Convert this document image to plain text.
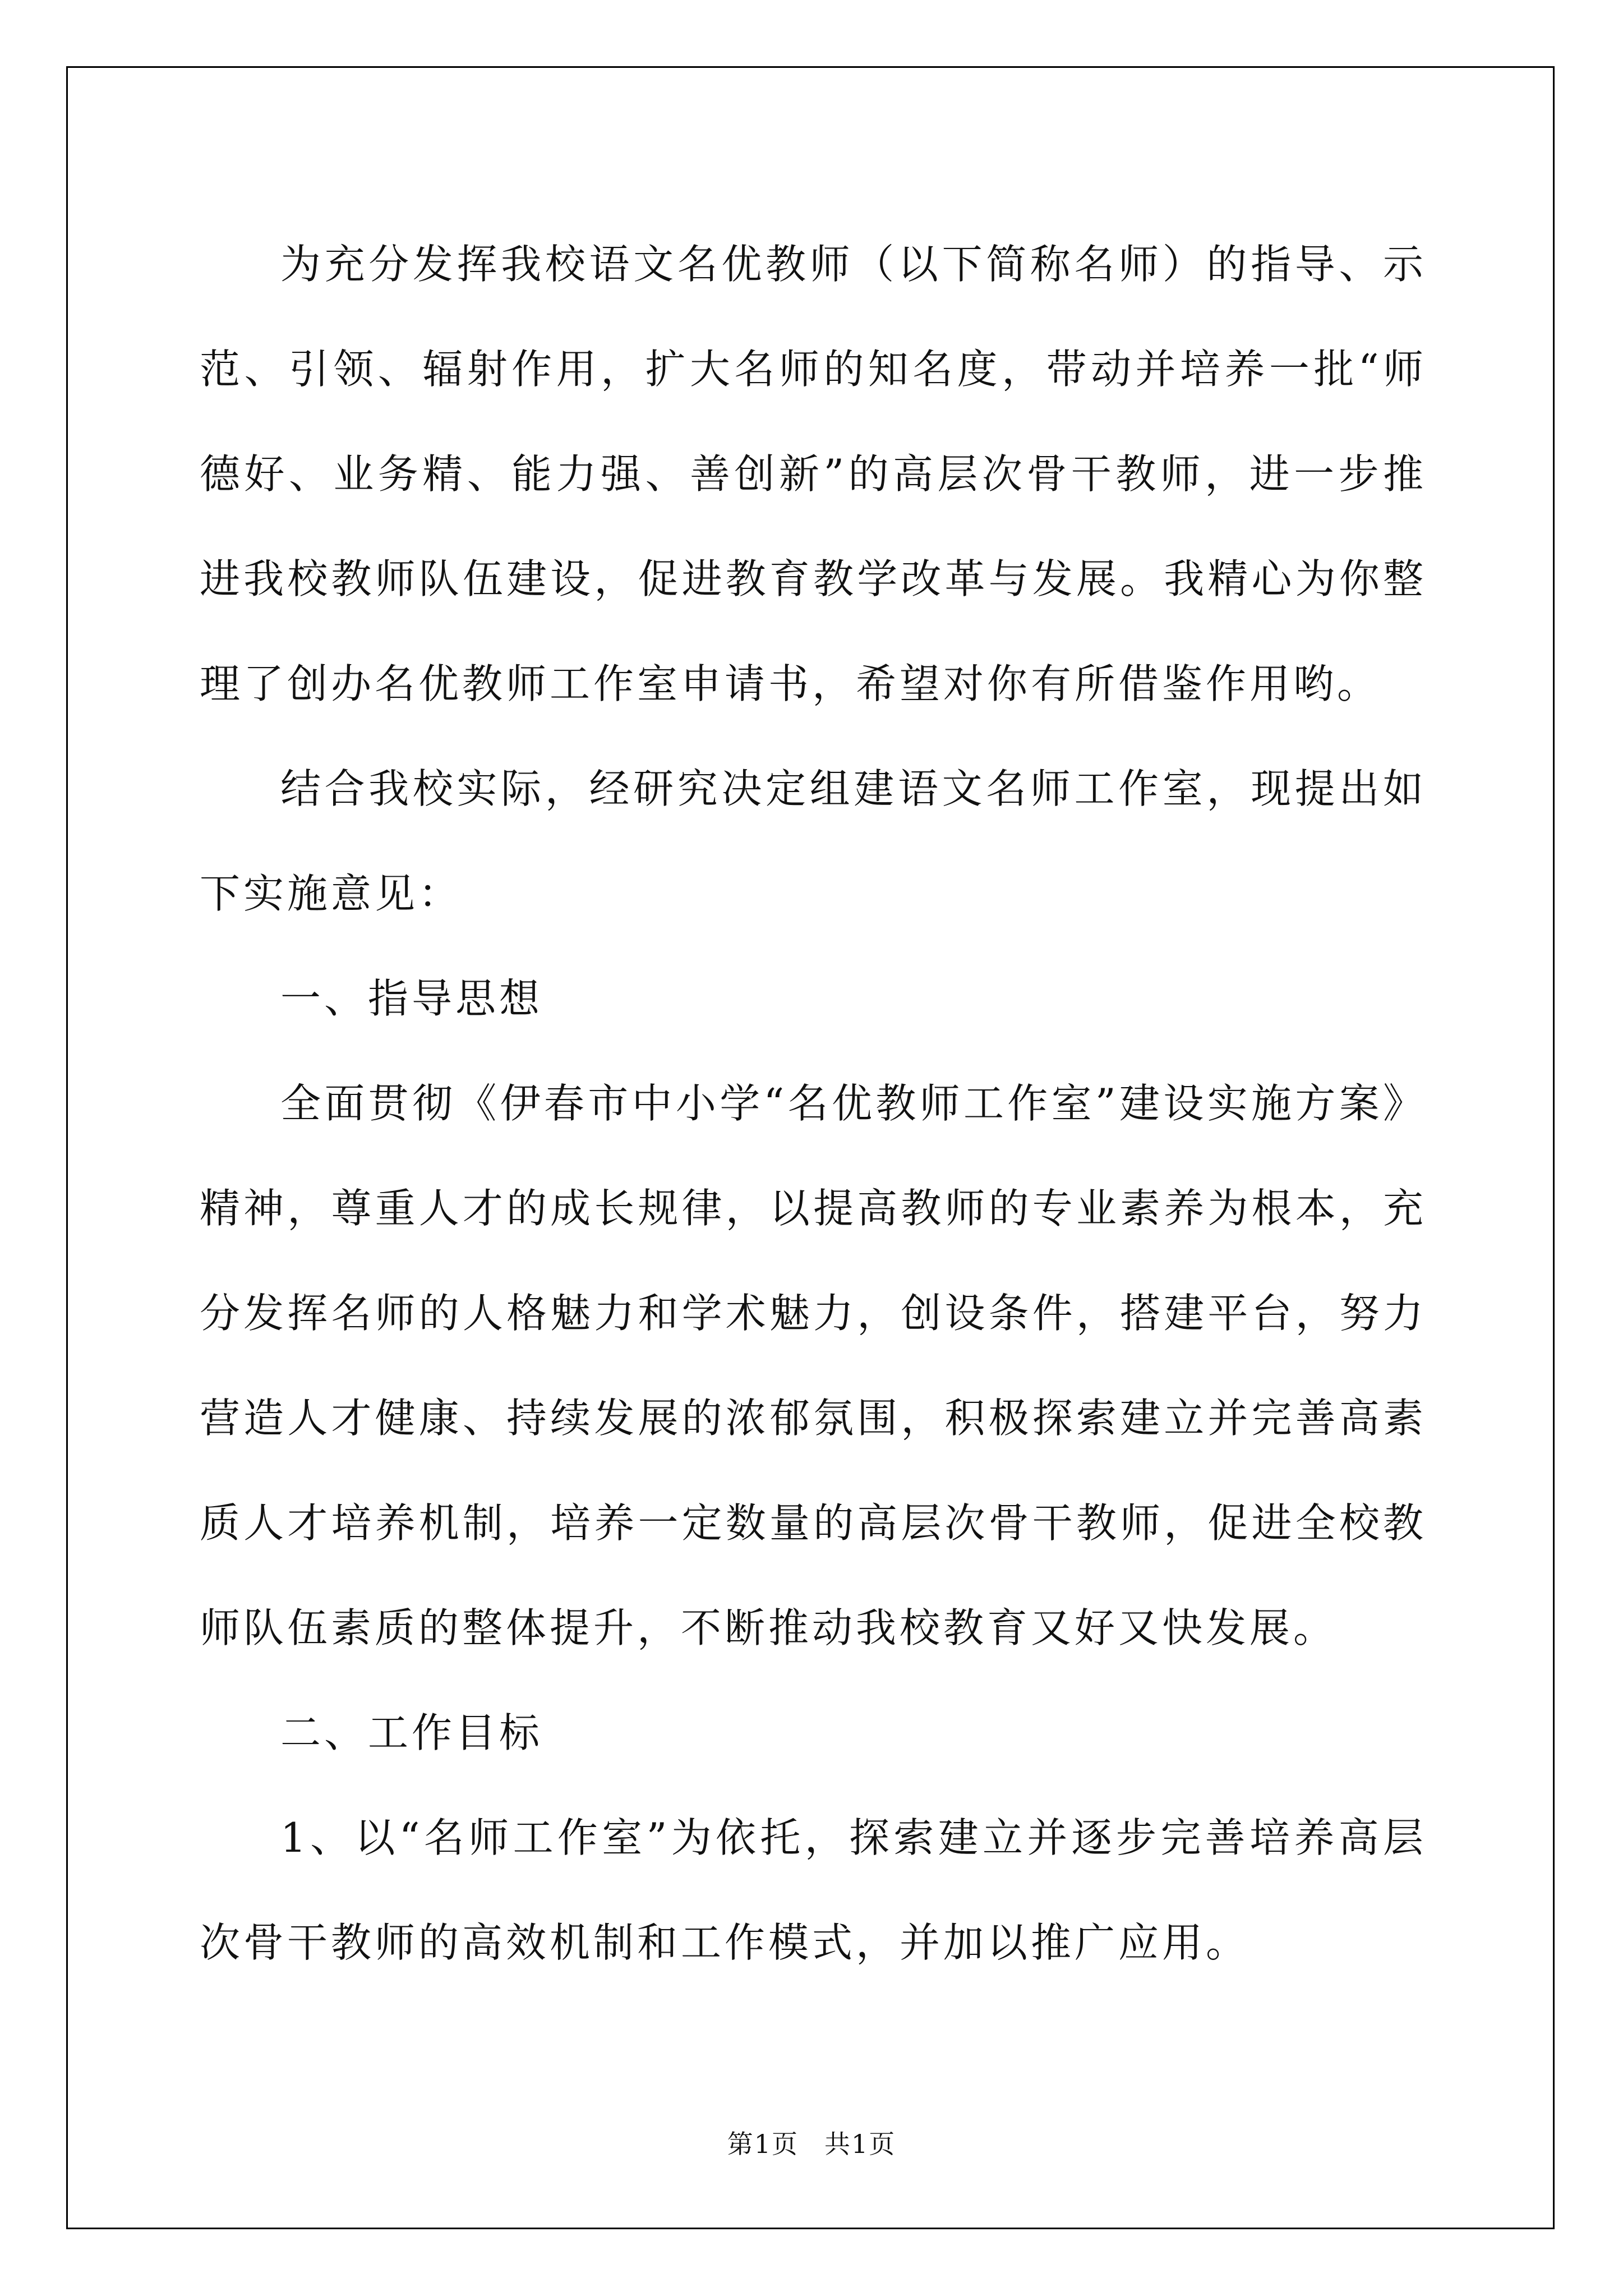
为充分发挥我校语文名优教师（以下简称名师）的指导、示范、引领、辐射作用，扩大名师的知名度，带动并培养一批“师德好、业务精、能力强、善创新”的高层次骨干教师，进一步推进我校教师队伍建设，促进教育教学改革与发展。我精心为你整理了创办名优教师工作室申请书，希望对你有所借鉴作用哟。

结合我校实际，经研究决定组建语文名师工作室，现提出如下实施意见：

一、指导思想

全面贯彻《伊春市中小学“名优教师工作室”建设实施方案》精神，尊重人才的成长规律，以提高教师的专业素养为根本，充分发挥名师的人格魅力和学术魅力，创设条件，搭建平台，努力营造人才健康、持续发展的浓郁氛围，积极探索建立并完善高素质人才培养机制，培养一定数量的高层次骨干教师，促进全校教师队伍素质的整体提升，不断推动我校教育又好又快发展。

二、工作目标

1、以“名师工作室”为依托，探索建立并逐步完善培养高层次骨干教师的高效机制和工作模式，并加以推广应用。

第1页 共1页
